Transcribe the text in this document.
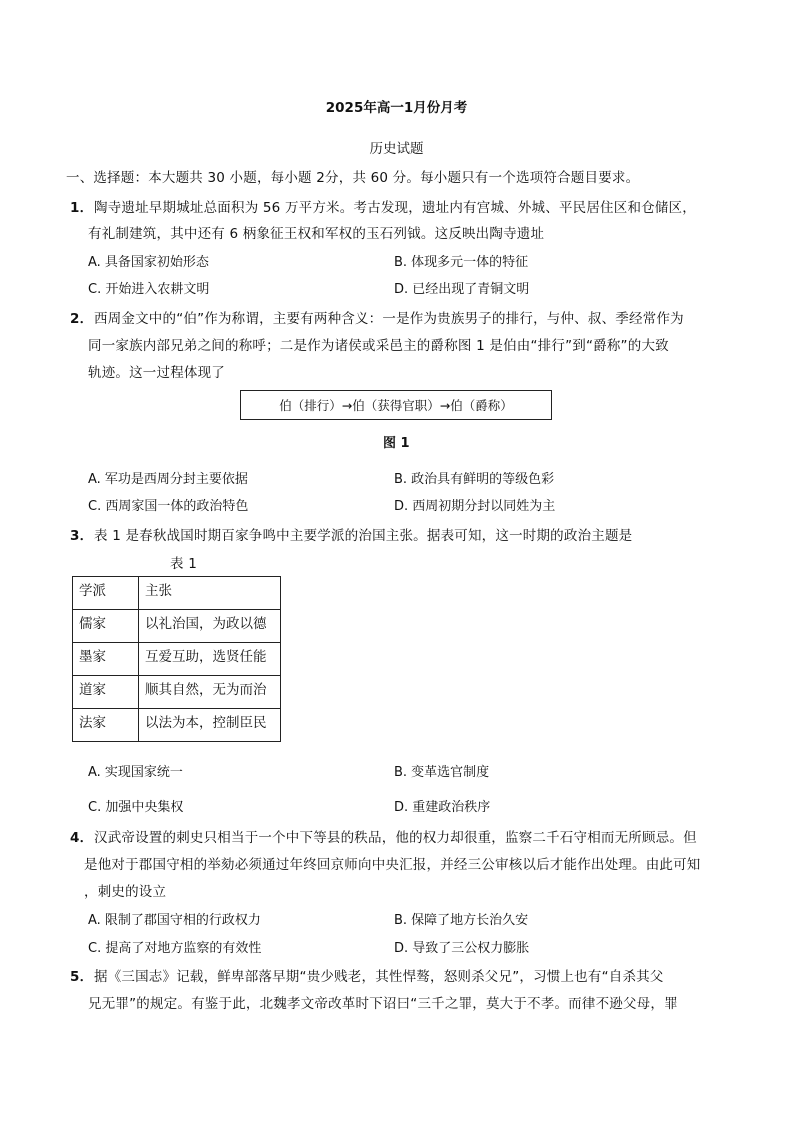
2025年高一1月份月考
历史试题
一、选择题：本大题共 30 小题，每小题 2分，共 60 分。每小题只有一个选项符合题目要求。
1． 陶寺遗址早期城址总面积为 56 万平方米。考古发现，遗址内有宫城、外城、平民居住区和仓储区，
有礼制建筑，其中还有 6 柄象征王权和军权的玉石列钺。这反映出陶寺遗址
A. 具备国家初始形态	B. 体现多元一体的特征
C. 开始进入农耕文明	D. 已经出现了青铜文明
2． 西周金文中的“伯”作为称谓，主要有两种含义：一是作为贵族男子的排行，与仲、叔、季经常作为
同一家族内部兄弟之间的称呼；二是作为诸侯或采邑主的爵称图 1 是伯由“排行”到“爵称”的大致
轨迹。这一过程体现了
伯（排行）→伯（获得官职）→伯（爵称）
图 1
A. 军功是西周分封主要依据	B. 政治具有鲜明的等级色彩
C. 西周家国一体的政治特色	D. 西周初期分封以同姓为主
3． 表 1 是春秋战国时期百家争鸣中主要学派的治国主张。据表可知，这一时期的政治主题是
表 1
学派	主张
儒家	以礼治国，为政以德
墨家	互爱互助，选贤任能
道家	顺其自然，无为而治
法家	以法为本，控制臣民
A. 实现国家统一	B. 变革选官制度
C. 加强中央集权	D. 重建政治秩序
4． 汉武帝设置的刺史只相当于一个中下等县的秩品，他的权力却很重，监察二千石守相而无所顾忌。但
是他对于郡国守相的举劾必须通过年终回京师向中央汇报，并经三公审核以后才能作出处理。由此可知
，刺史的设立
A. 限制了郡国守相的行政权力	B. 保障了地方长治久安
C. 提高了对地方监察的有效性	D. 导致了三公权力膨胀
5． 据《三国志》记载，鲜卑部落早期“贵少贱老，其性悍骜，怒则杀父兄”，习惯上也有“自杀其父
兄无罪”的规定。有鉴于此，北魏孝文帝改革时下诏曰“三千之罪，莫大于不孝。而律不逊父母，罪
